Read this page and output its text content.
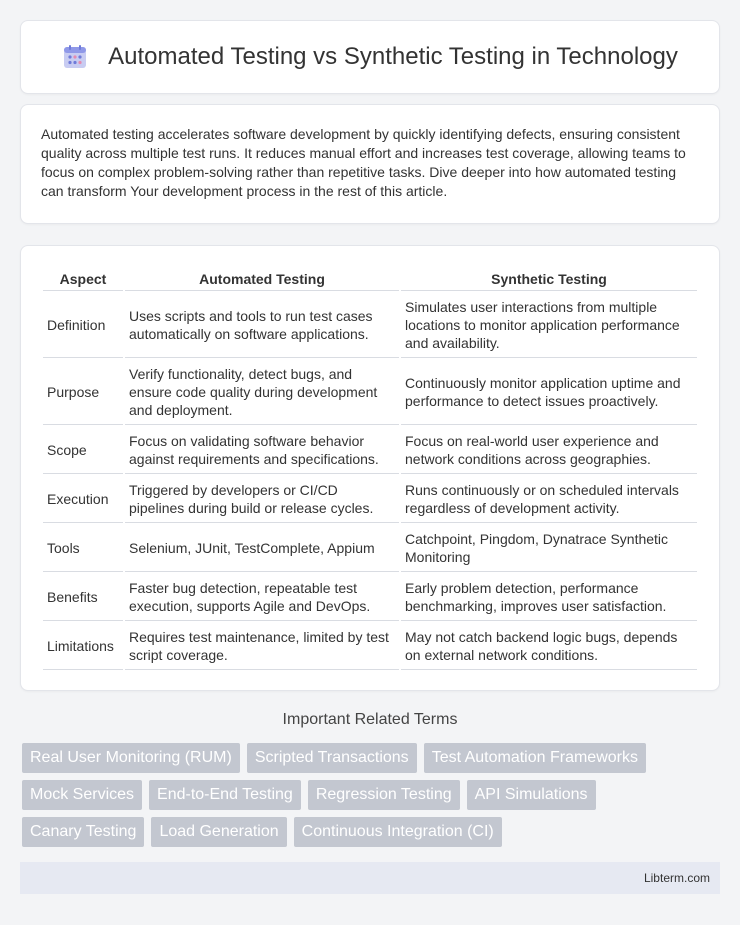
Automated Testing vs Synthetic Testing in Technology

Automated testing accelerates software development by quickly identifying defects, ensuring consistent quality across multiple test runs. It reduces manual effort and increases test coverage, allowing teams to focus on complex problem-solving rather than repetitive tasks. Dive deeper into how automated testing can transform Your development process in the rest of this article.

Aspect	Automated Testing	Synthetic Testing
Definition	Uses scripts and tools to run test cases automatically on software applications.	Simulates user interactions from multiple locations to monitor application performance and availability.
Purpose	Verify functionality, detect bugs, and ensure code quality during development and deployment.	Continuously monitor application uptime and performance to detect issues proactively.
Scope	Focus on validating software behavior against requirements and specifications.	Focus on real-world user experience and network conditions across geographies.
Execution	Triggered by developers or CI/CD pipelines during build or release cycles.	Runs continuously or on scheduled intervals regardless of development activity.
Tools	Selenium, JUnit, TestComplete, Appium	Catchpoint, Pingdom, Dynatrace Synthetic Monitoring
Benefits	Faster bug detection, repeatable test execution, supports Agile and DevOps.	Early problem detection, performance benchmarking, improves user satisfaction.
Limitations	Requires test maintenance, limited by test script coverage.	May not catch backend logic bugs, depends on external network conditions.
Important Related Terms
Real User Monitoring (RUM)	Scripted Transactions	Test Automation Frameworks
Mock Services	End-to-End Testing	Regression Testing	API Simulations
Canary Testing	Load Generation	Continuous Integration (CI)
Libterm.com
